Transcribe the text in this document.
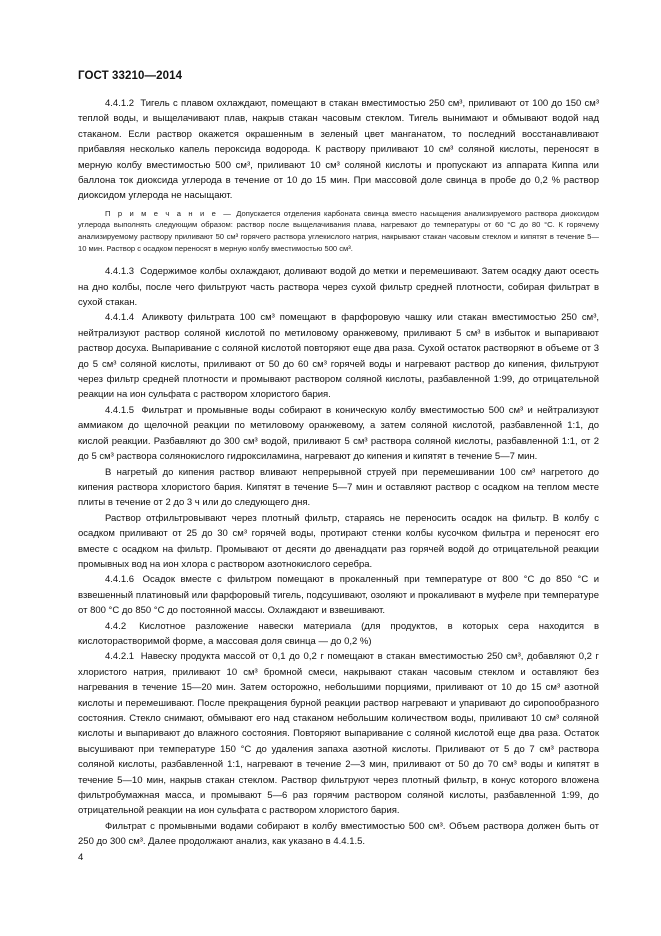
ГОСТ 33210—2014

4.4.1.2 Тигель с плавом охлаждают, помещают в стакан вместимостью 250 см³, приливают от 100 до 150 см³ теплой воды, и выщелачивают плав, накрыв стакан часовым стеклом. Тигель вынимают и обмывают водой над стаканом. Если раствор окажется окрашенным в зеленый цвет манганатом, то последний восстанавливают прибавляя несколько капель пероксида водорода. К раствору приливают 10 см³ соляной кислоты, переносят в мерную колбу вместимостью 500 см³, приливают 10 см³ соляной кислоты и пропускают из аппарата Киппа или баллона ток диоксида углерода в течение от 10 до 15 мин. При массовой доле свинца в пробе до 0,2 % раствор диоксидом углерода не насыщают.

П р и м е ч а н и е — Допускается отделения карбоната свинца вместо насыщения анализируемого раствора диоксидом углерода выполнять следующим образом: раствор после выщелачивания плава, нагревают до температуры от 60 °C до 80 °C. К горячему анализируемому раствору приливают 50 см³ горячего раствора углекислого натрия, накрывают стакан часовым стеклом и кипятят в течение 5—10 мин. Раствор с осадком переносят в мерную колбу вместимостью 500 см³.

4.4.1.3 Содержимое колбы охлаждают, доливают водой до метки и перемешивают. Затем осадку дают осесть на дно колбы, после чего фильтруют часть раствора через сухой фильтр средней плотности, собирая фильтрат в сухой стакан.

4.4.1.4 Аликвоту фильтрата 100 см³ помещают в фарфоровую чашку или стакан вместимостью 250 см³, нейтрализуют раствор соляной кислотой по метиловому оранжевому, приливают 5 см³ в избыток и выпаривают раствор досуха. Выпаривание с соляной кислотой повторяют еще два раза. Сухой остаток растворяют в объеме от 3 до 5 см³ соляной кислоты, приливают от 50 до 60 см³ горячей воды и нагревают раствор до кипения, фильтруют через фильтр средней плотности и промывают раствором соляной кислоты, разбавленной 1:99, до отрицательной реакции на ион сульфата с раствором хлористого бария.

4.4.1.5 Фильтрат и промывные воды собирают в коническую колбу вместимостью 500 см³ и нейтрализуют аммиаком до щелочной реакции по метиловому оранжевому, а затем соляной кислотой, разбавленной 1:1, до кислой реакции. Разбавляют до 300 см³ водой, приливают 5 см³ раствора соляной кислоты, разбавленной 1:1, от 2 до 5 см³ раствора солянокислого гидроксиламина, нагревают до кипения и кипятят в течение 5—7 мин.

В нагретый до кипения раствор вливают непрерывной струей при перемешивании 100 см³ нагретого до кипения раствора хлористого бария. Кипятят в течение 5—7 мин и оставляют раствор с осадком на теплом месте плиты в течение от 2 до 3 ч или до следующего дня.

Раствор отфильтровывают через плотный фильтр, стараясь не переносить осадок на фильтр. В колбу с осадком приливают от 25 до 30 см³ горячей воды, протирают стенки колбы кусочком фильтра и переносят его вместе с осадком на фильтр. Промывают от десяти до двенадцати раз горячей водой до отрицательной реакции промывных вод на ион хлора с раствором азотнокислого серебра.

4.4.1.6 Осадок вместе с фильтром помещают в прокаленный при температуре от 800 °C до 850 °C и взвешенный платиновый или фарфоровый тигель, подсушивают, озоляют и прокаливают в муфеле при температуре от 800 °C до 850 °C до постоянной массы. Охлаждают и взвешивают.

4.4.2 Кислотное разложение навески материала (для продуктов, в которых сера находится в кислоторастворимой форме, а массовая доля свинца — до 0,2 %)

4.4.2.1 Навеску продукта массой от 0,1 до 0,2 г помещают в стакан вместимостью 250 см³, добавляют 0,2 г хлористого натрия, приливают 10 см³ бромной смеси, накрывают стакан часовым стеклом и оставляют без нагревания в течение 15—20 мин. Затем осторожно, небольшими порциями, приливают от 10 до 15 см³ азотной кислоты и перемешивают. После прекращения бурной реакции раствор нагревают и упаривают до сиропообразного состояния. Стекло снимают, обмывают его над стаканом небольшим количеством воды, приливают 10 см³ соляной кислоты и выпаривают до влажного состояния. Повторяют выпаривание с соляной кислотой еще два раза. Остаток высушивают при температуре 150 °C до удаления запаха азотной кислоты. Приливают от 5 до 7 см³ раствора соляной кислоты, разбавленной 1:1, нагревают в течение 2—3 мин, приливают от 50 до 70 см³ воды и кипятят в течение 5—10 мин, накрыв стакан стеклом. Раствор фильтруют через плотный фильтр, в конус которого вложена фильтробумажная масса, и промывают 5—6 раз горячим раствором соляной кислоты, разбавленной 1:99, до отрицательной реакции на ион сульфата с раствором хлористого бария.

Фильтрат с промывными водами собирают в колбу вместимостью 500 см³. Объем раствора должен быть от 250 до 300 см³. Далее продолжают анализ, как указано в 4.4.1.5.

4
